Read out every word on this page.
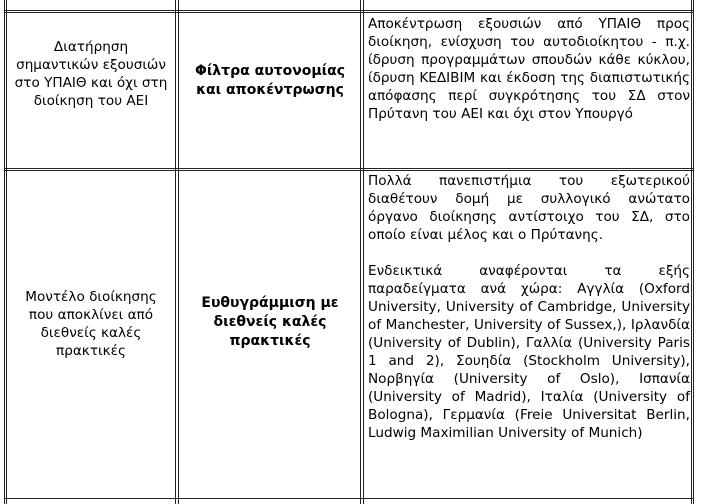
Διατήρηση σημαντικών εξουσιών στο ΥΠΑΙΘ και όχι στη διοίκηση του ΑΕΙ
Φίλτρα αυτονομίας και αποκέντρωσης

Αποκέντρωση εξουσιών από ΥΠΑΙΘ προς διοίκηση, ενίσχυση του αυτοδιοίκητου - π.χ. ίδρυση προγραμμάτων σπουδών κάθε κύκλου, ίδρυση ΚΕΔΙΒΙΜ και έκδοση της διαπιστωτικής απόφασης περί συγκρότησης του ΣΔ στον Πρύτανη του ΑΕΙ και όχι στον Υπουργό

Μοντέλο διοίκησης που αποκλίνει από διεθνείς καλές πρακτικές
Ευθυγράμμιση με διεθνείς καλές πρακτικές

Πολλά πανεπιστήμια του εξωτερικού διαθέτουν δομή με συλλογικό ανώτατο όργανο διοίκησης αντίστοιχο του ΣΔ, στο οποίο είναι μέλος και ο Πρύτανης.

Ενδεικτικά αναφέρονται τα εξής παραδείγματα ανά χώρα: Αγγλία (Oxford University, University of Cambridge, University of Manchester, University of Sussex,), Ιρλανδία (University of Dublin), Γαλλία (University Paris 1 and 2), Σουηδία (Stockholm University), Νορβηγία (University of Oslo), Ισπανία (University of Madrid), Ιταλία (University of Bologna), Γερμανία (Freie Universitat Berlin, Ludwig Maximilian University of Munich)
